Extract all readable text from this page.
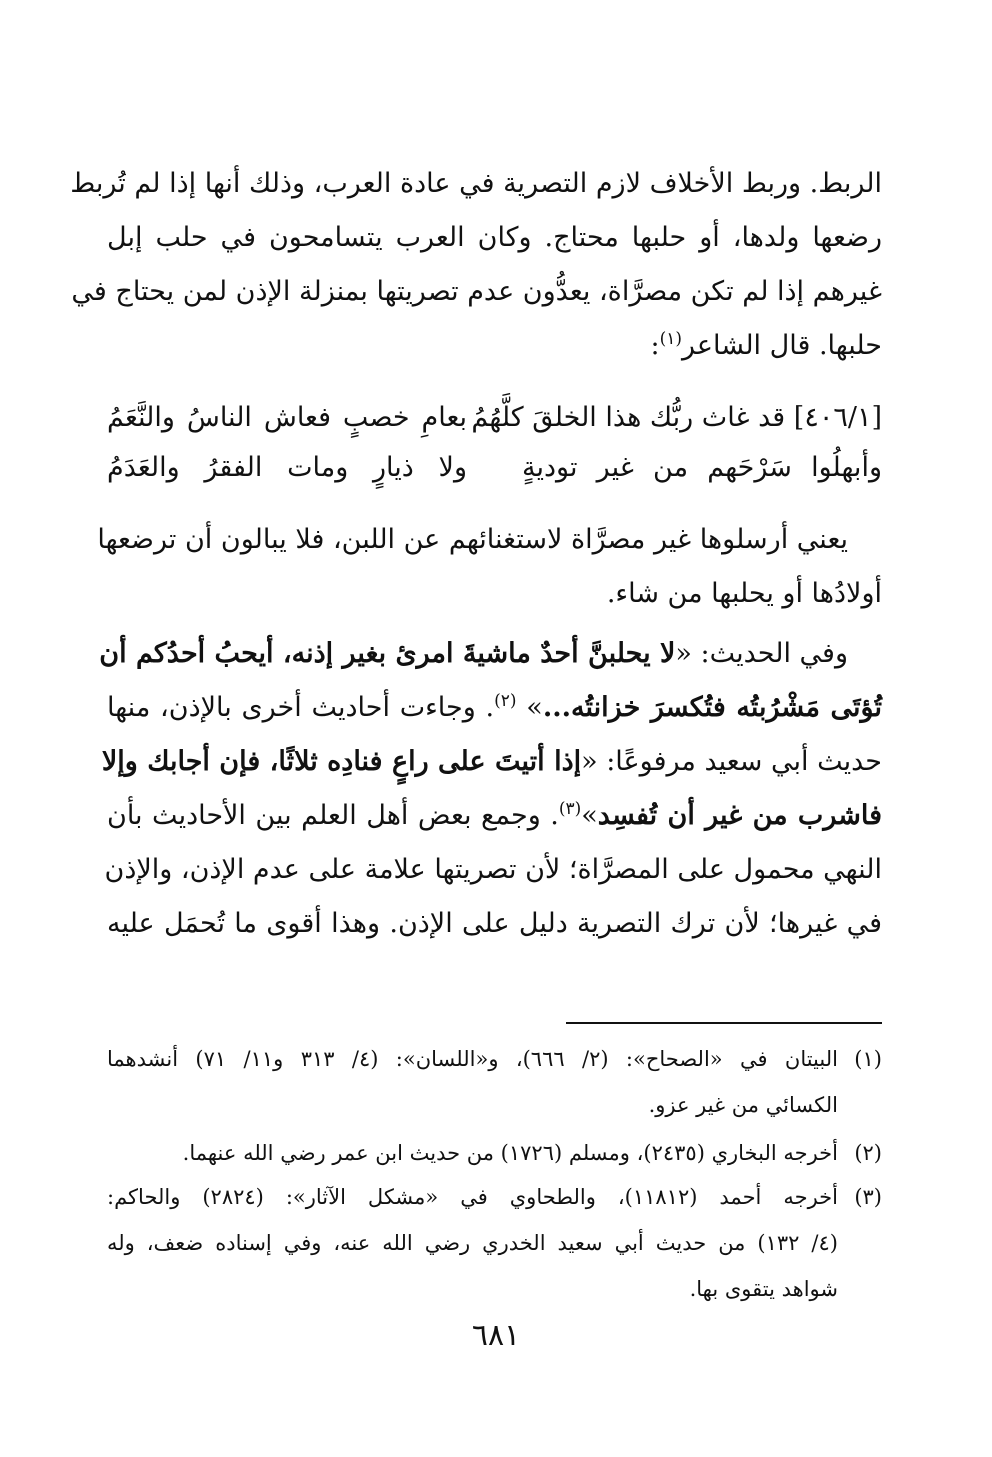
الربط. وربط الأخلاف لازم التصرية في عادة العرب، وذلك أنها إذا لم تُربط
رضعها ولدها، أو حلبها محتاج. وكان العرب يتسامحون في حلب إبل
غيرهم إذا لم تكن مصرَّاة، يعدُّون عدم تصريتها بمنزلة الإذن لمن يحتاج في
حلبها. قال الشاعر$^{(١)}$:
[٤٠٦/١] قد غاث ربُّك هذا الخلقَ كلَّهُمُ
بعامِ خصبٍ فعاش الناسُ والنَّعَمُ
وأبهلُوا سَرْحَهم من غير توديةٍ
ولا ذيارٍ ومات الفقرُ والعَدَمُ
يعني أرسلوها غير مصرَّاة لاستغنائهم عن اللبن، فلا يبالون أن ترضعها
أولادُها أو يحلبها من شاء.
وفي الحديث: «لا يحلبنَّ أحدٌ ماشيةَ امرئ بغير إذنه، أيحبُ أحدُكم أن
تُؤتَى مَشْرُبتُه فتُكسرَ خزانتُه...» $^{(٢)}$. وجاءت أحاديث أخرى بالإذن، منها
حديث أبي سعيد مرفوعًا: «إذا أتيتَ على راعٍ فنادِه ثلاثًا، فإن أجابك وإلا
فاشرب من غير أن تُفسِد»$^{(٣)}$. وجمع بعض أهل العلم بين الأحاديث بأن
النهي محمول على المصرَّاة؛ لأن تصريتها علامة على عدم الإذن، والإذن
في غيرها؛ لأن ترك التصرية دليل على الإذن. وهذا أقوى ما تُحمَل عليه
(١)البيتان في «الصحاح»: (٢/ ٦٦٦)، و«اللسان»: (٤/ ٣١٣ و١١/ ٧١) أنشدهما
الكسائي من غير عزو.
(٢)أخرجه البخاري (٢٤٣٥)، ومسلم (١٧٢٦) من حديث ابن عمر رضي الله عنهما.
(٣)أخرجه أحمد (١١٨١٢)، والطحاوي في «مشكل الآثار»: (٢٨٢٤) والحاكم:
(٤/ ١٣٢) من حديث أبي سعيد الخدري رضي الله عنه، وفي إسناده ضعف، وله
شواهد يتقوى بها.
٦٨١
